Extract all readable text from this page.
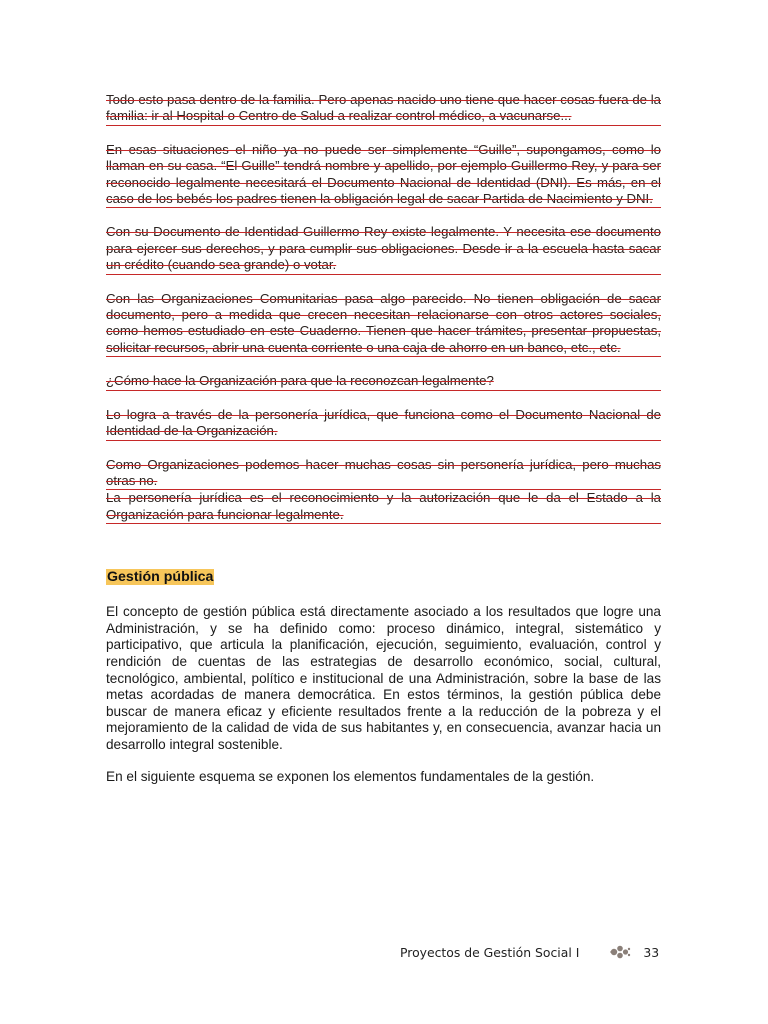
Todo esto pasa dentro de la familia. Pero apenas nacido uno tiene que hacer cosas fuera de la familia: ir al Hospital o Centro de Salud a realizar control médico, a vacunarse...

En esas situaciones el niño ya no puede ser simplemente “Guille”, supongamos, como lo llaman en su casa. “El Guille” tendrá nombre y apellido, por ejemplo Guillermo Rey, y para ser reconocido legalmente necesitará el Documento Nacional de Identidad (DNI). Es más, en el caso de los bebés los padres tienen la obligación legal de sacar Partida de Nacimiento y DNI.

Con su Documento de Identidad Guillermo Rey existe legalmente. Y necesita ese documento para ejercer sus derechos, y para cumplir sus obligaciones. Desde ir a la escuela hasta sacar un crédito (cuando sea grande) o votar.

Con las Organizaciones Comunitarias pasa algo parecido. No tienen obligación de sacar documento, pero a medida que crecen necesitan relacionarse con otros actores sociales, como hemos estudiado en este Cuaderno. Tienen que hacer trámites, presentar propuestas, solicitar recursos, abrir una cuenta corriente o una caja de ahorro en un banco, etc., etc.

¿Cómo hace la Organización para que la reconozcan legalmente?

Lo logra a través de la personería jurídica, que funciona como el Documento Nacional de Identidad de la Organización.

Como Organizaciones podemos hacer muchas cosas sin personería jurídica, pero muchas otras no.

La personería jurídica es el reconocimiento y la autorización que le da el Estado a la Organización para funcionar legalmente.

Gestión pública

El concepto de gestión pública está directamente asociado a los resultados que logre una Administración, y se ha definido como: proceso dinámico, integral, sistemático y participativo, que articula la planificación, ejecución, seguimiento, evaluación, control y rendición de cuentas de las estrategias de desarrollo económico, social, cultural, tecnológico, ambiental, político e institucional de una Administración, sobre la base de las metas acordadas de manera democrática. En estos términos, la gestión pública debe buscar de manera eficaz y eficiente resultados frente a la reducción de la pobreza y el mejoramiento de la calidad de vida de sus habitantes y, en consecuencia, avanzar hacia un desarrollo integral sostenible.

En el siguiente esquema se exponen los elementos fundamentales de la gestión.

Proyectos de Gestión Social I	33
